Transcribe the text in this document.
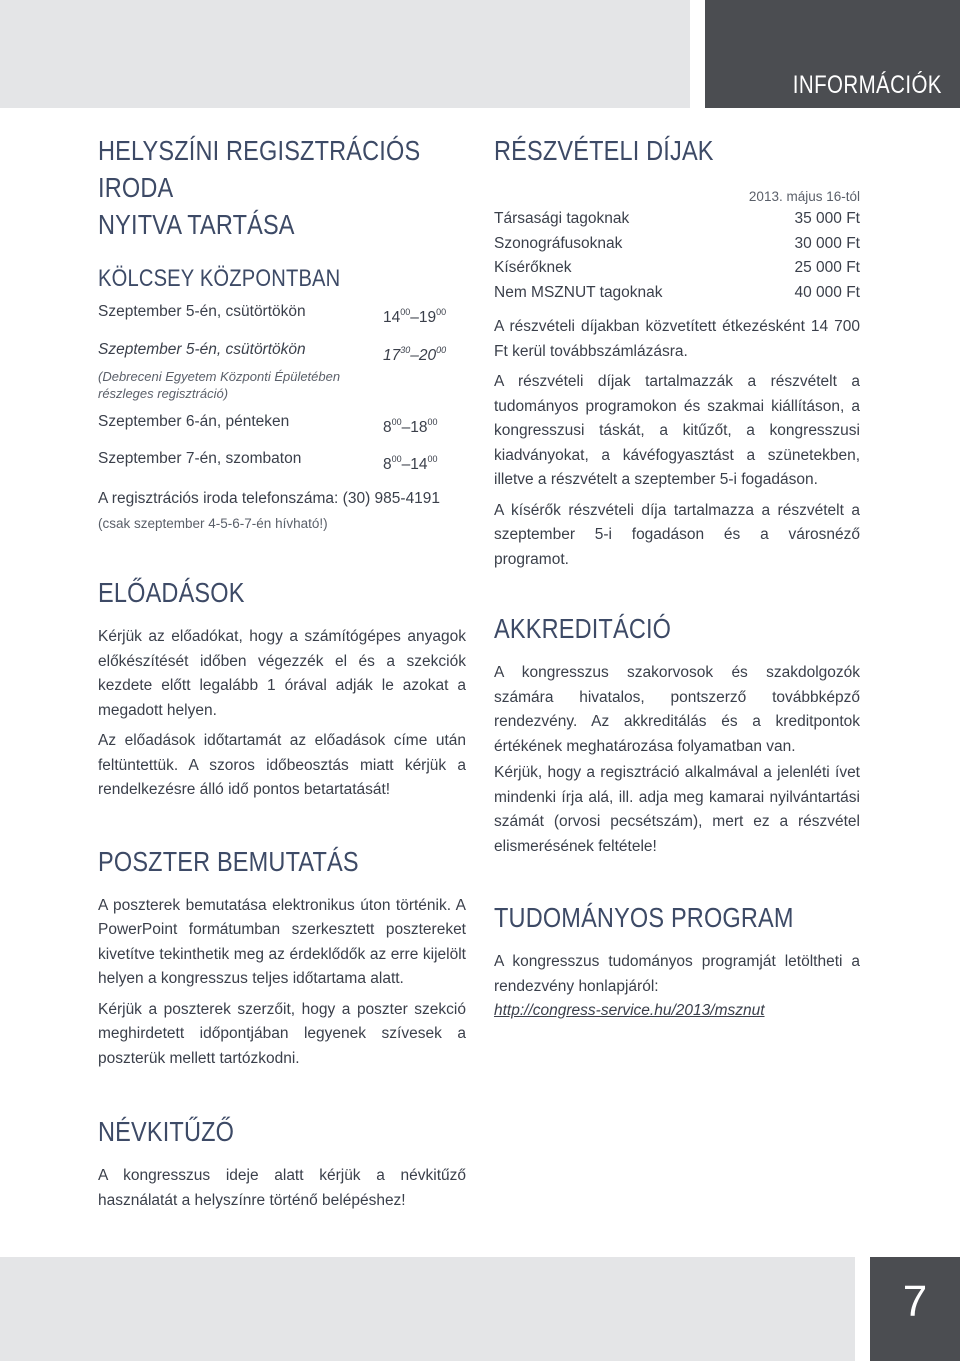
INFORMÁCIÓK
HELYSZÍNI REGISZTRÁCIÓS IRODA
NYITVA TARTÁSA
KÖLCSEY KÖZPONTBAN
Szeptember 5-én, csütörtökön	$14^{00}-19^{00}$
Szeptember 5-én, csütörtökön	$17^{30}-20^{00}$
(Debreceni Egyetem Központi Épületében
részleges regisztráció)
Szeptember 6-án, pénteken	$8^{00}-18^{00}$
Szeptember 7-én, szombaton	$8^{00}-14^{00}$

A regisztrációs iroda telefonszáma: (30) 985-4191

(csak szeptember 4-5-6-7-én hívható!)

ELŐADÁSOK

Kérjük az előadókat, hogy a számítógépes anyagok előkészítését időben végezzék el és a szekciók kezdete előtt legalább 1 órával adják le azokat a megadott helyen.

Az előadások időtartamát az előadások címe után feltüntettük. A szoros időbeosztás miatt kérjük a rendelkezésre álló idő pontos betartatását!

POSZTER BEMUTATÁS

A poszterek bemutatása elektronikus úton történik. A PowerPoint formátumban szerkesztett posztereket kivetítve tekinthetik meg az érdeklődők az erre kijelölt helyen a kongresszus teljes időtartama alatt.

Kérjük a poszterek szerzőit, hogy a poszter szekció meghirdetett időpontjában legyenek szívesek a poszterük mellett tartózkodni.

NÉVKITŰZŐ

A kongresszus ideje alatt kérjük a névkitűző használatát a helyszínre történő belépéshez!

RÉSZVÉTELI DÍJAK
2013. május 16-tól
Társasági tagoknak	35 000 Ft
Szonográfusoknak	30 000 Ft
Kísérőknek	25 000 Ft
Nem MSZNUT tagoknak	40 000 Ft

A részvételi díjakban közvetített étkezésként 14 700 Ft kerül továbbszámlázásra.

A részvételi díjak tartalmazzák a részvételt a tudományos programokon és szakmai kiállításon, a kongresszusi táskát, a kitűzőt, a kongresszusi kiadványokat, a kávéfogyasztást a szünetekben, illetve a részvételt a szeptember 5-i fogadáson.

A kísérők részvételi díja tartalmazza a részvételt a szeptember 5-i fogadáson és a városnéző programot.

AKKREDITÁCIÓ

A kongresszus szakorvosok és szakdolgozók számára hivatalos, pontszerző továbbképző rendezvény. Az akkreditálás és a kreditpontok értékének meghatározása folyamatban van.

Kérjük, hogy a regisztráció alkalmával a jelenléti ívet mindenki írja alá, ill. adja meg kamarai nyilvántartási számát (orvosi pecsétszám), mert ez a részvétel elismerésének feltétele!

TUDOMÁNYOS PROGRAM

A kongresszus tudományos programját letöltheti a rendezvény honlapjáról:

http://congress-service.hu/2013/msznut

7
